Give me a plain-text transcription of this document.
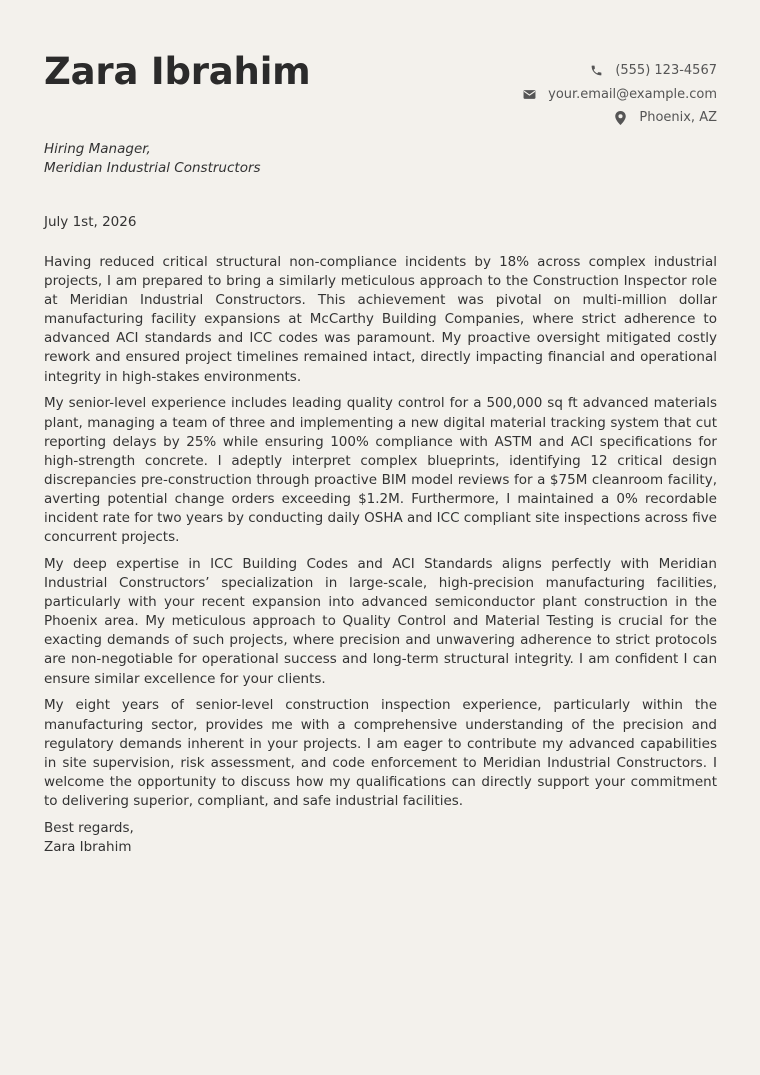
Zara Ibrahim	(555) 123-4567
your.email@example.com
Phoenix, AZ
Hiring Manager,
Meridian Industrial Constructors
July 1st, 2026

Having reduced critical structural non-compliance incidents by 18% across complex industrial projects, I am prepared to bring a similarly meticulous approach to the Construction Inspector role at Meridian Industrial Constructors. This achievement was pivotal on multi-million dollar manufacturing facility expansions at McCarthy Building Companies, where strict adherence to advanced ACI standards and ICC codes was paramount. My proactive oversight mitigated costly rework and ensured project timelines remained intact, directly impacting financial and operational integrity in high-stakes environments.

My senior-level experience includes leading quality control for a 500,000 sq ft advanced materials plant, managing a team of three and implementing a new digital material tracking system that cut reporting delays by 25% while ensuring 100% compliance with ASTM and ACI specifications for high-strength concrete. I adeptly interpret complex blueprints, identifying 12 critical design discrepancies pre-construction through proactive BIM model reviews for a $75M cleanroom facility, averting potential change orders exceeding $1.2M. Furthermore, I maintained a 0% recordable incident rate for two years by conducting daily OSHA and ICC compliant site inspections across five concurrent projects.

My deep expertise in ICC Building Codes and ACI Standards aligns perfectly with Meridian Industrial Constructors’ specialization in large-scale, high-precision manufacturing facilities, particularly with your recent expansion into advanced semiconductor plant construction in the Phoenix area. My meticulous approach to Quality Control and Material Testing is crucial for the exacting demands of such projects, where precision and unwavering adherence to strict protocols are non-negotiable for operational success and long-term structural integrity. I am confident I can ensure similar excellence for your clients.

My eight years of senior-level construction inspection experience, particularly within the manufacturing sector, provides me with a comprehensive understanding of the precision and regulatory demands inherent in your projects. I am eager to contribute my advanced capabilities in site supervision, risk assessment, and code enforcement to Meridian Industrial Constructors. I welcome the opportunity to discuss how my qualifications can directly support your commitment to delivering superior, compliant, and safe industrial facilities.

Best regards,
Zara Ibrahim
